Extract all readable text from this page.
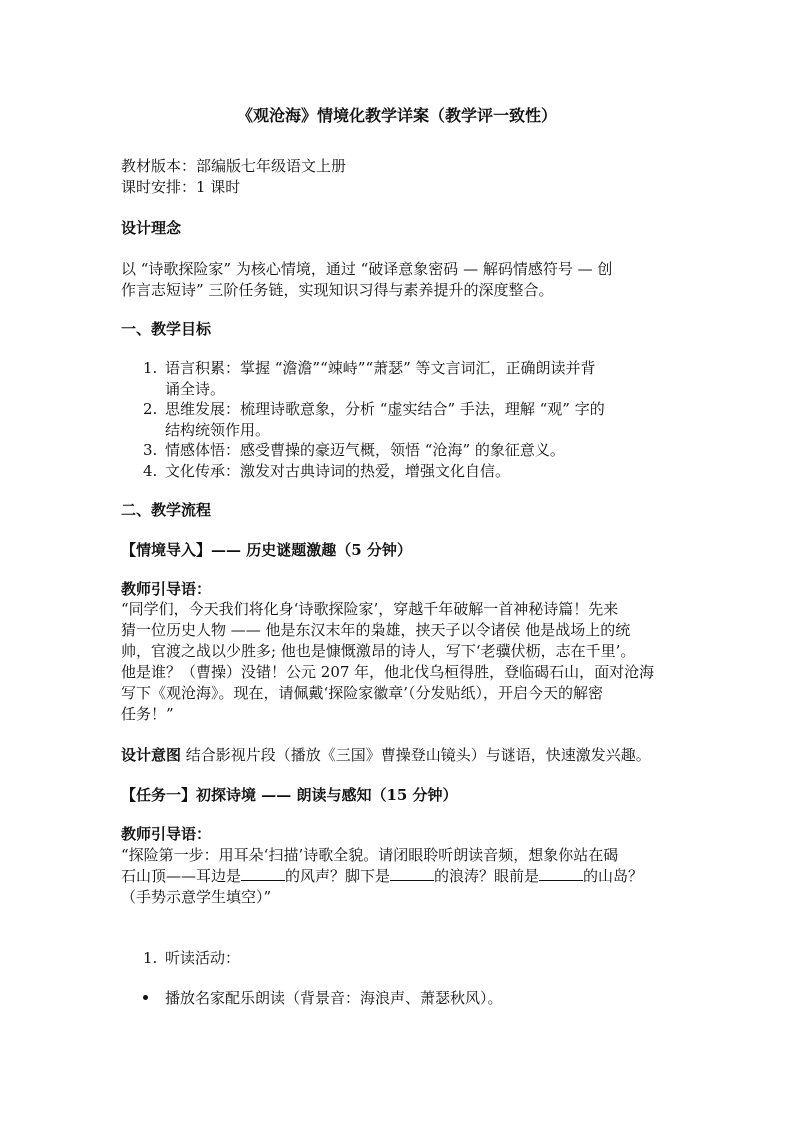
《观沧海》情境化教学详案（教学评一致性）
教材版本：部编版七年级语文上册
课时安排：1 课时
设计理念
以 “诗歌探险家” 为核心情境，通过 “破译意象密码 — 解码情感符号 — 创
作言志短诗” 三阶任务链，实现知识习得与素养提升的深度整合。
一、教学目标
1. 语言积累：掌握 “澹澹”“竦峙”“萧瑟” 等文言词汇，正确朗读并背
诵全诗。
2. 思维发展：梳理诗歌意象，分析 “虚实结合” 手法，理解 “观” 字的
结构统领作用。
3. 情感体悟：感受曹操的豪迈气概，领悟 “沧海” 的象征意义。
4. 文化传承：激发对古典诗词的热爱，增强文化自信。
二、教学流程
【情境导入】—— 历史谜题激趣（5 分钟）
教师引导语：
“同学们，今天我们将化身‘诗歌探险家’，穿越千年破解一首神秘诗篇！先来
猜一位历史人物 —— 他是东汉末年的枭雄，挟天子以令诸侯 他是战场上的统
帅，官渡之战以少胜多; 他也是慷慨激昂的诗人，写下‘老骥伏枥，志在千里’。
他是谁？（曹操）没错！公元 207 年，他北伐乌桓得胜，登临碣石山，面对沧海
写下《观沧海》。现在，请佩戴‘探险家徽章’（分发贴纸），开启今天的解密
任务！”
设计意图 结合影视片段（播放《三国》曹操登山镜头）与谜语，快速激发兴趣。
【任务一】初探诗境 —— 朗读与感知（15 分钟）
教师引导语：
“探险第一步：用耳朵‘扫描’诗歌全貌。请闭眼聆听朗读音频，想象你站在碣
石山顶——耳边是	的风声？脚下是	的浪涛？眼前是	的山岛？
（手势示意学生填空）”
1. 听读活动：
播放名家配乐朗读（背景音：海浪声、萧瑟秋风）。
